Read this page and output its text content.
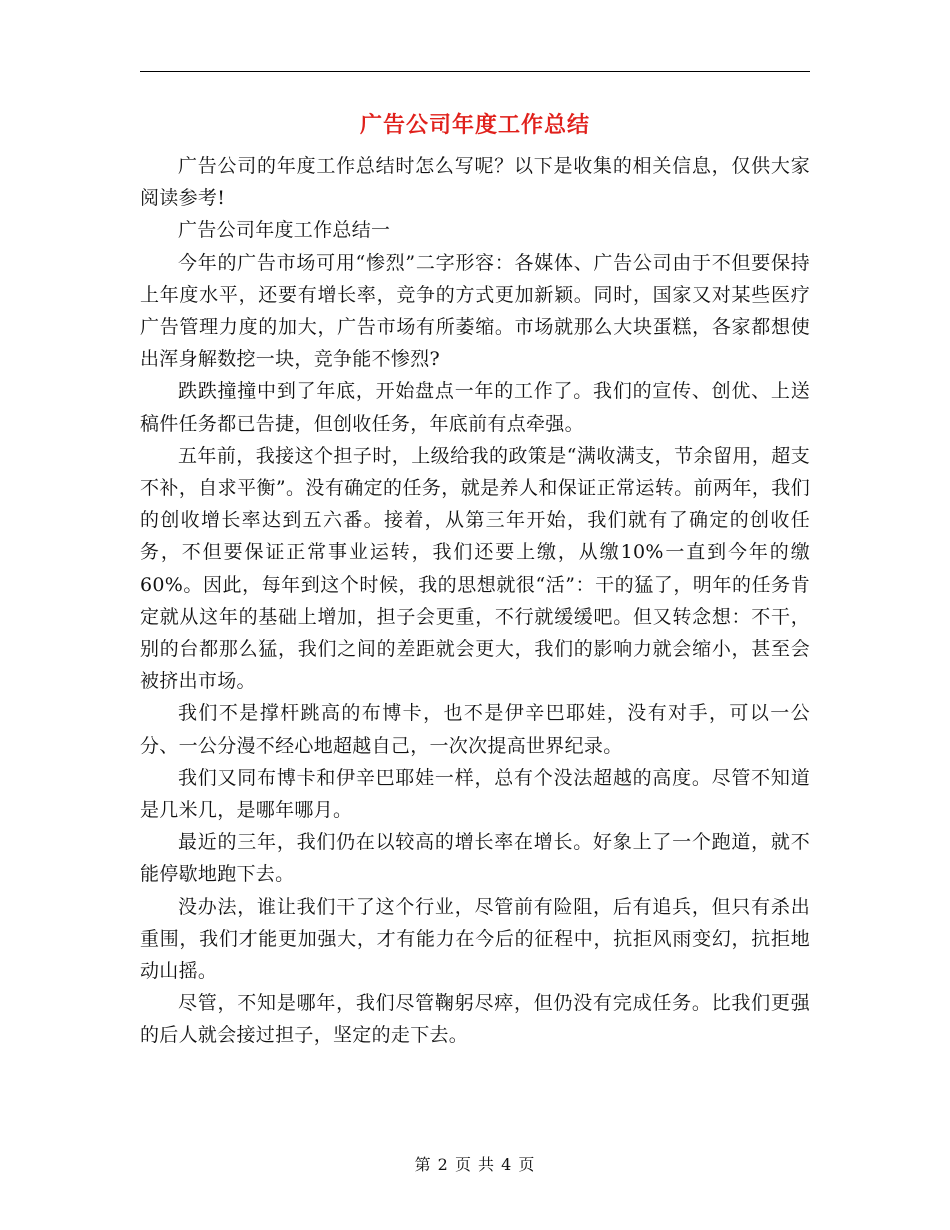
广告公司年度工作总结

广告公司的年度工作总结时怎么写呢？以下是收集的相关信息，仅供大家阅读参考!

广告公司年度工作总结一

今年的广告市场可用“惨烈”二字形容：各媒体、广告公司由于不但要保持上年度水平，还要有增长率，竞争的方式更加新颖。同时，国家又对某些医疗广告管理力度的加大，广告市场有所萎缩。市场就那么大块蛋糕，各家都想使出浑身解数挖一块，竞争能不惨烈?

跌跌撞撞中到了年底，开始盘点一年的工作了。我们的宣传、创优、上送稿件任务都已告捷，但创收任务，年底前有点牵强。

五年前，我接这个担子时，上级给我的政策是“满收满支，节余留用，超支不补，自求平衡”。没有确定的任务，就是养人和保证正常运转。前两年，我们的创收增长率达到五六番。接着，从第三年开始，我们就有了确定的创收任务，不但要保证正常事业运转，我们还要上缴，从缴10%一直到今年的缴60%。因此，每年到这个时候，我的思想就很“活”：干的猛了，明年的任务肯定就从这年的基础上增加，担子会更重，不行就缓缓吧。但又转念想：不干，别的台都那么猛，我们之间的差距就会更大，我们的影响力就会缩小，甚至会被挤出市场。

我们不是撑杆跳高的布博卡，也不是伊辛巴耶娃，没有对手，可以一公分、一公分漫不经心地超越自己，一次次提高世界纪录。

我们又同布博卡和伊辛巴耶娃一样，总有个没法超越的高度。尽管不知道是几米几，是哪年哪月。

最近的三年，我们仍在以较高的增长率在增长。好象上了一个跑道，就不能停歇地跑下去。

没办法，谁让我们干了这个行业，尽管前有险阻，后有追兵，但只有杀出重围，我们才能更加强大，才有能力在今后的征程中，抗拒风雨变幻，抗拒地动山摇。

尽管，不知是哪年，我们尽管鞠躬尽瘁，但仍没有完成任务。比我们更强的后人就会接过担子，坚定的走下去。

第 2 页 共 4 页
